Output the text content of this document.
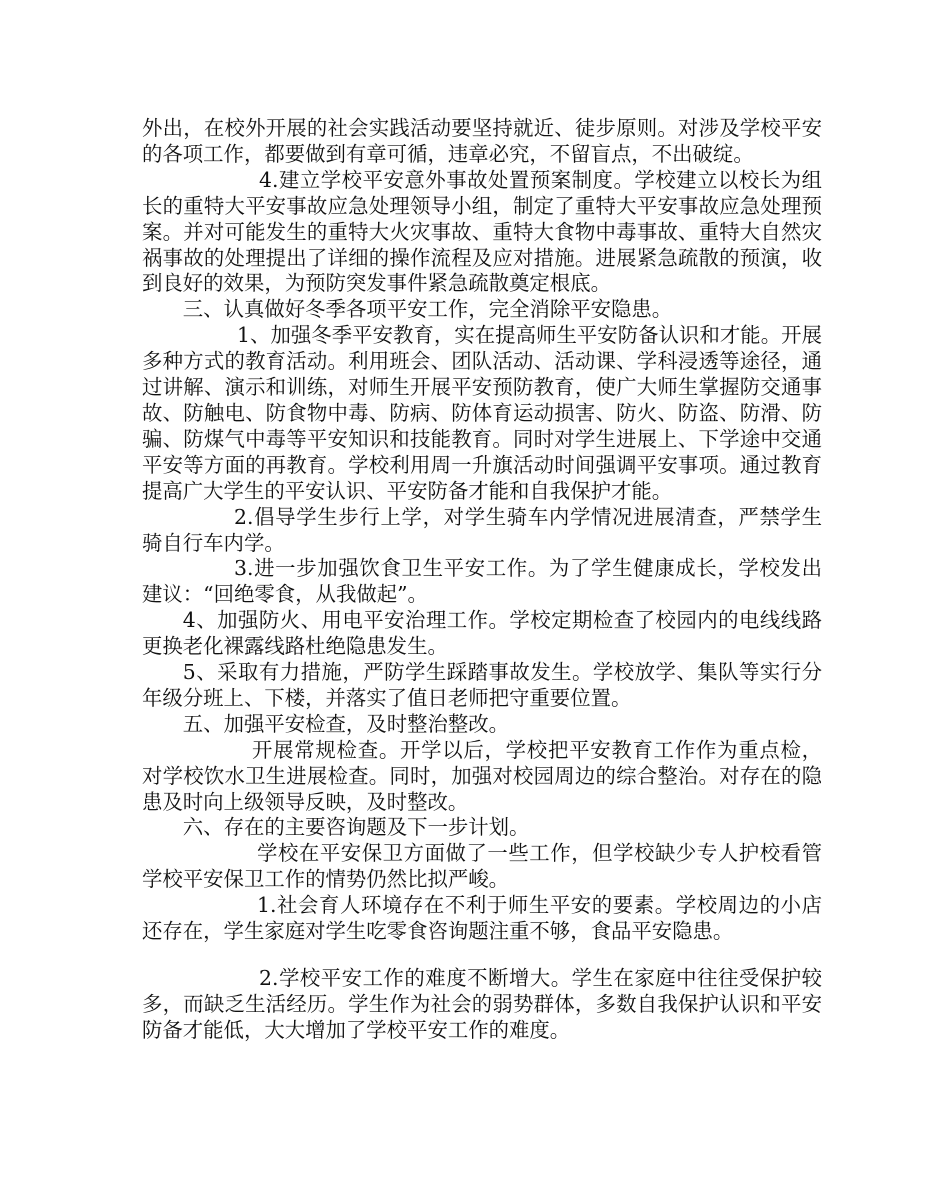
外出，在校外开展的社会实践活动要坚持就近、徒步原则。对涉及学校平安的各项工作，都要做到有章可循，违章必究，不留盲点，不出破绽。

4.建立学校平安意外事故处置预案制度。学校建立以校长为组长的重特大平安事故应急处理领导小组，制定了重特大平安事故应急处理预案。并对可能发生的重特大火灾事故、重特大食物中毒事故、重特大自然灾祸事故的处理提出了详细的操作流程及应对措施。进展紧急疏散的预演，收到良好的效果，为预防突发事件紧急疏散奠定根底。

三、认真做好冬季各项平安工作，完全消除平安隐患。

1、加强冬季平安教育，实在提高师生平安防备认识和才能。开展多种方式的教育活动。利用班会、团队活动、活动课、学科浸透等途径，通过讲解、演示和训练，对师生开展平安预防教育，使广大师生掌握防交通事故、防触电、防食物中毒、防病、防体育运动损害、防火、防盗、防滑、防骗、防煤气中毒等平安知识和技能教育。同时对学生进展上、下学途中交通平安等方面的再教育。学校利用周一升旗活动时间强调平安事项。通过教育提高广大学生的平安认识、平安防备才能和自我保护才能。

2.倡导学生步行上学，对学生骑车内学情况进展清查，严禁学生骑自行车内学。

3.进一步加强饮食卫生平安工作。为了学生健康成长，学校发出建议：“回绝零食，从我做起”。

4、加强防火、用电平安治理工作。学校定期检查了校园内的电线线路更换老化裸露线路杜绝隐患发生。

5、采取有力措施，严防学生踩踏事故发生。学校放学、集队等实行分年级分班上、下楼，并落实了值日老师把守重要位置。

五、加强平安检查，及时整治整改。

开展常规检查。开学以后，学校把平安教育工作作为重点检，对学校饮水卫生进展检查。同时，加强对校园周边的综合整治。对存在的隐患及时向上级领导反映，及时整改。

六、存在的主要咨询题及下一步计划。

学校在平安保卫方面做了一些工作，但学校缺少专人护校看管学校平安保卫工作的情势仍然比拟严峻。

1.社会育人环境存在不利于师生平安的要素。学校周边的小店还存在，学生家庭对学生吃零食咨询题注重不够，食品平安隐患。

2.学校平安工作的难度不断增大。学生在家庭中往往受保护较多，而缺乏生活经历。学生作为社会的弱势群体，多数自我保护认识和平安防备才能低，大大增加了学校平安工作的难度。
